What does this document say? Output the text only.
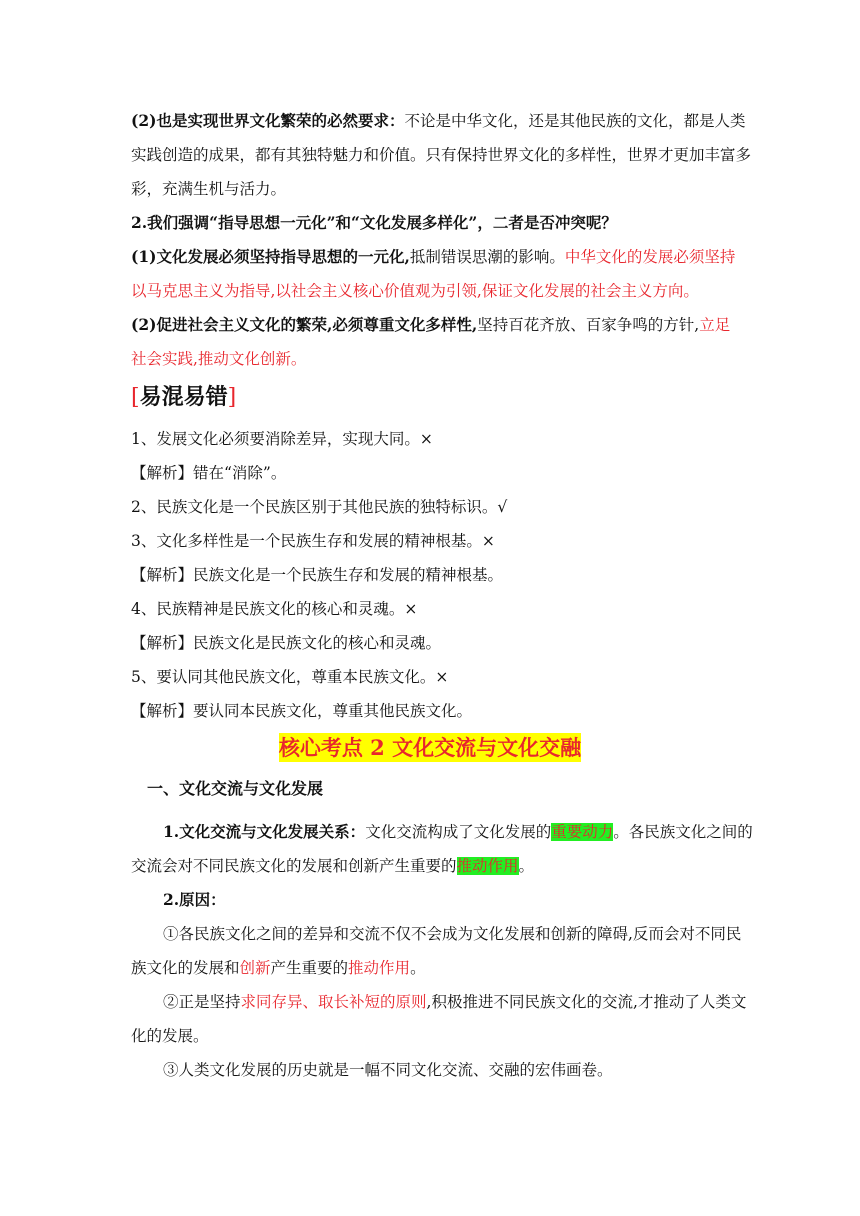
(2)也是实现世界文化繁荣的必然要求：不论是中华文化，还是其他民族的文化，都是人类
实践创造的成果，都有其独特魅力和价值。只有保持世界文化的多样性，世界才更加丰富多
彩，充满生机与活力。
2.我们强调“指导思想一元化”和“文化发展多样化”，二者是否冲突呢？
(1)文化发展必须坚持指导思想的一元化,抵制错误思潮的影响。中华文化的发展必须坚持
以马克思主义为指导,以社会主义核心价值观为引领,保证文化发展的社会主义方向。
(2)促进社会主义文化的繁荣,必须尊重文化多样性,坚持百花齐放、百家争鸣的方针,立足
社会实践,推动文化创新。
[易混易错]
1、发展文化必须要消除差异，实现大同。×
【解析】错在“消除”。
2、民族文化是一个民族区别于其他民族的独特标识。√
3、文化多样性是一个民族生存和发展的精神根基。×
【解析】民族文化是一个民族生存和发展的精神根基。
4、民族精神是民族文化的核心和灵魂。×
【解析】民族文化是民族文化的核心和灵魂。
5、要认同其他民族文化，尊重本民族文化。×
【解析】要认同本民族文化，尊重其他民族文化。
核心考点 2 文化交流与文化交融
一、文化交流与文化发展
1.文化交流与文化发展关系：文化交流构成了文化发展的重要动力。各民族文化之间的
交流会对不同民族文化的发展和创新产生重要的推动作用。
2.原因：
①各民族文化之间的差异和交流不仅不会成为文化发展和创新的障碍,反而会对不同民
族文化的发展和创新产生重要的推动作用。
②正是坚持求同存异、取长补短的原则,积极推进不同民族文化的交流,才推动了人类文
化的发展。
③人类文化发展的历史就是一幅不同文化交流、交融的宏伟画卷。
